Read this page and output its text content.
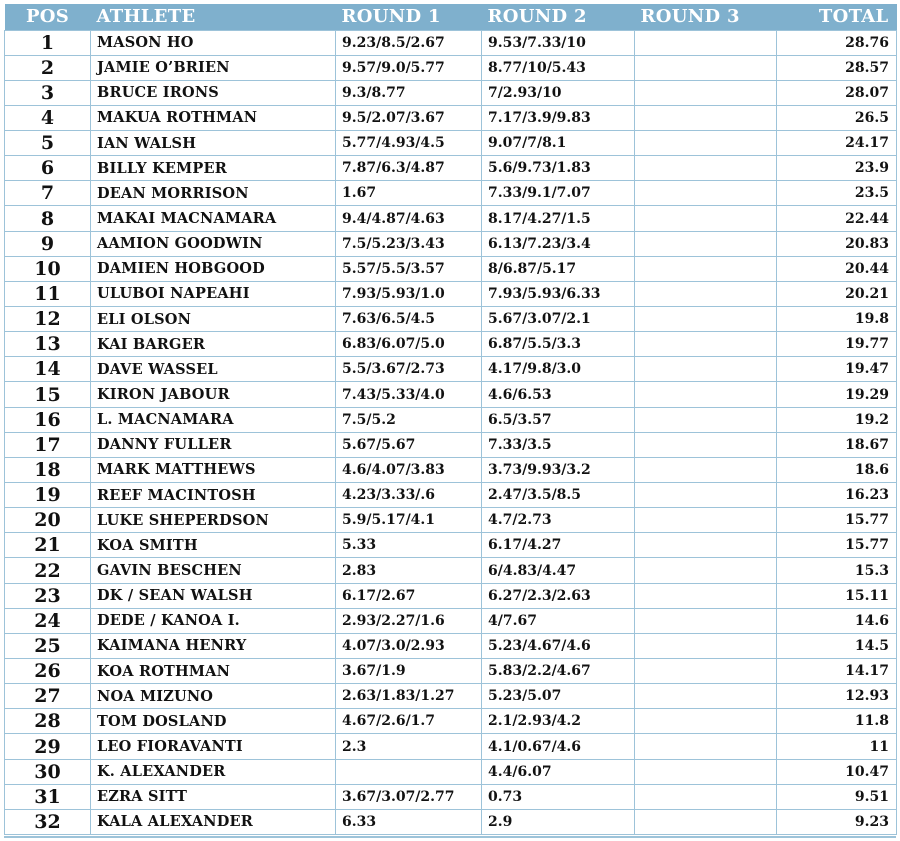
POS	ATHLETE	ROUND 1	ROUND 2	ROUND 3	TOTAL
1	MASON HO	9.23/8.5/2.67	9.53/7.33/10		28.76
2	JAMIE O’BRIEN	9.57/9.0/5.77	8.77/10/5.43		28.57
3	BRUCE IRONS	9.3/8.77	7/2.93/10		28.07
4	MAKUA ROTHMAN	9.5/2.07/3.67	7.17/3.9/9.83		26.5
5	IAN WALSH	5.77/4.93/4.5	9.07/7/8.1		24.17
6	BILLY KEMPER	7.87/6.3/4.87	5.6/9.73/1.83		23.9
7	DEAN MORRISON	1.67	7.33/9.1/7.07		23.5
8	MAKAI MACNAMARA	9.4/4.87/4.63	8.17/4.27/1.5		22.44
9	AAMION GOODWIN	7.5/5.23/3.43	6.13/7.23/3.4		20.83
10	DAMIEN HOBGOOD	5.57/5.5/3.57	8/6.87/5.17		20.44
11	ULUBOI NAPEAHI	7.93/5.93/1.0	7.93/5.93/6.33		20.21
12	ELI OLSON	7.63/6.5/4.5	5.67/3.07/2.1		19.8
13	KAI BARGER	6.83/6.07/5.0	6.87/5.5/3.3		19.77
14	DAVE WASSEL	5.5/3.67/2.73	4.17/9.8/3.0		19.47
15	KIRON JABOUR	7.43/5.33/4.0	4.6/6.53		19.29
16	L. MACNAMARA	7.5/5.2	6.5/3.57		19.2
17	DANNY FULLER	5.67/5.67	7.33/3.5		18.67
18	MARK MATTHEWS	4.6/4.07/3.83	3.73/9.93/3.2		18.6
19	REEF MACINTOSH	4.23/3.33/.6	2.47/3.5/8.5		16.23
20	LUKE SHEPERDSON	5.9/5.17/4.1	4.7/2.73		15.77
21	KOA SMITH	5.33	6.17/4.27		15.77
22	GAVIN BESCHEN	2.83	6/4.83/4.47		15.3
23	DK / SEAN WALSH	6.17/2.67	6.27/2.3/2.63		15.11
24	DEDE / KANOA I.	2.93/2.27/1.6	4/7.67		14.6
25	KAIMANA HENRY	4.07/3.0/2.93	5.23/4.67/4.6		14.5
26	KOA ROTHMAN	3.67/1.9	5.83/2.2/4.67		14.17
27	NOA MIZUNO	2.63/1.83/1.27	5.23/5.07		12.93
28	TOM DOSLAND	4.67/2.6/1.7	2.1/2.93/4.2		11.8
29	LEO FIORAVANTI	2.3	4.1/0.67/4.6		11
30	K. ALEXANDER		4.4/6.07		10.47
31	EZRA SITT	3.67/3.07/2.77	0.73		9.51
32	KALA ALEXANDER	6.33	2.9		9.23
